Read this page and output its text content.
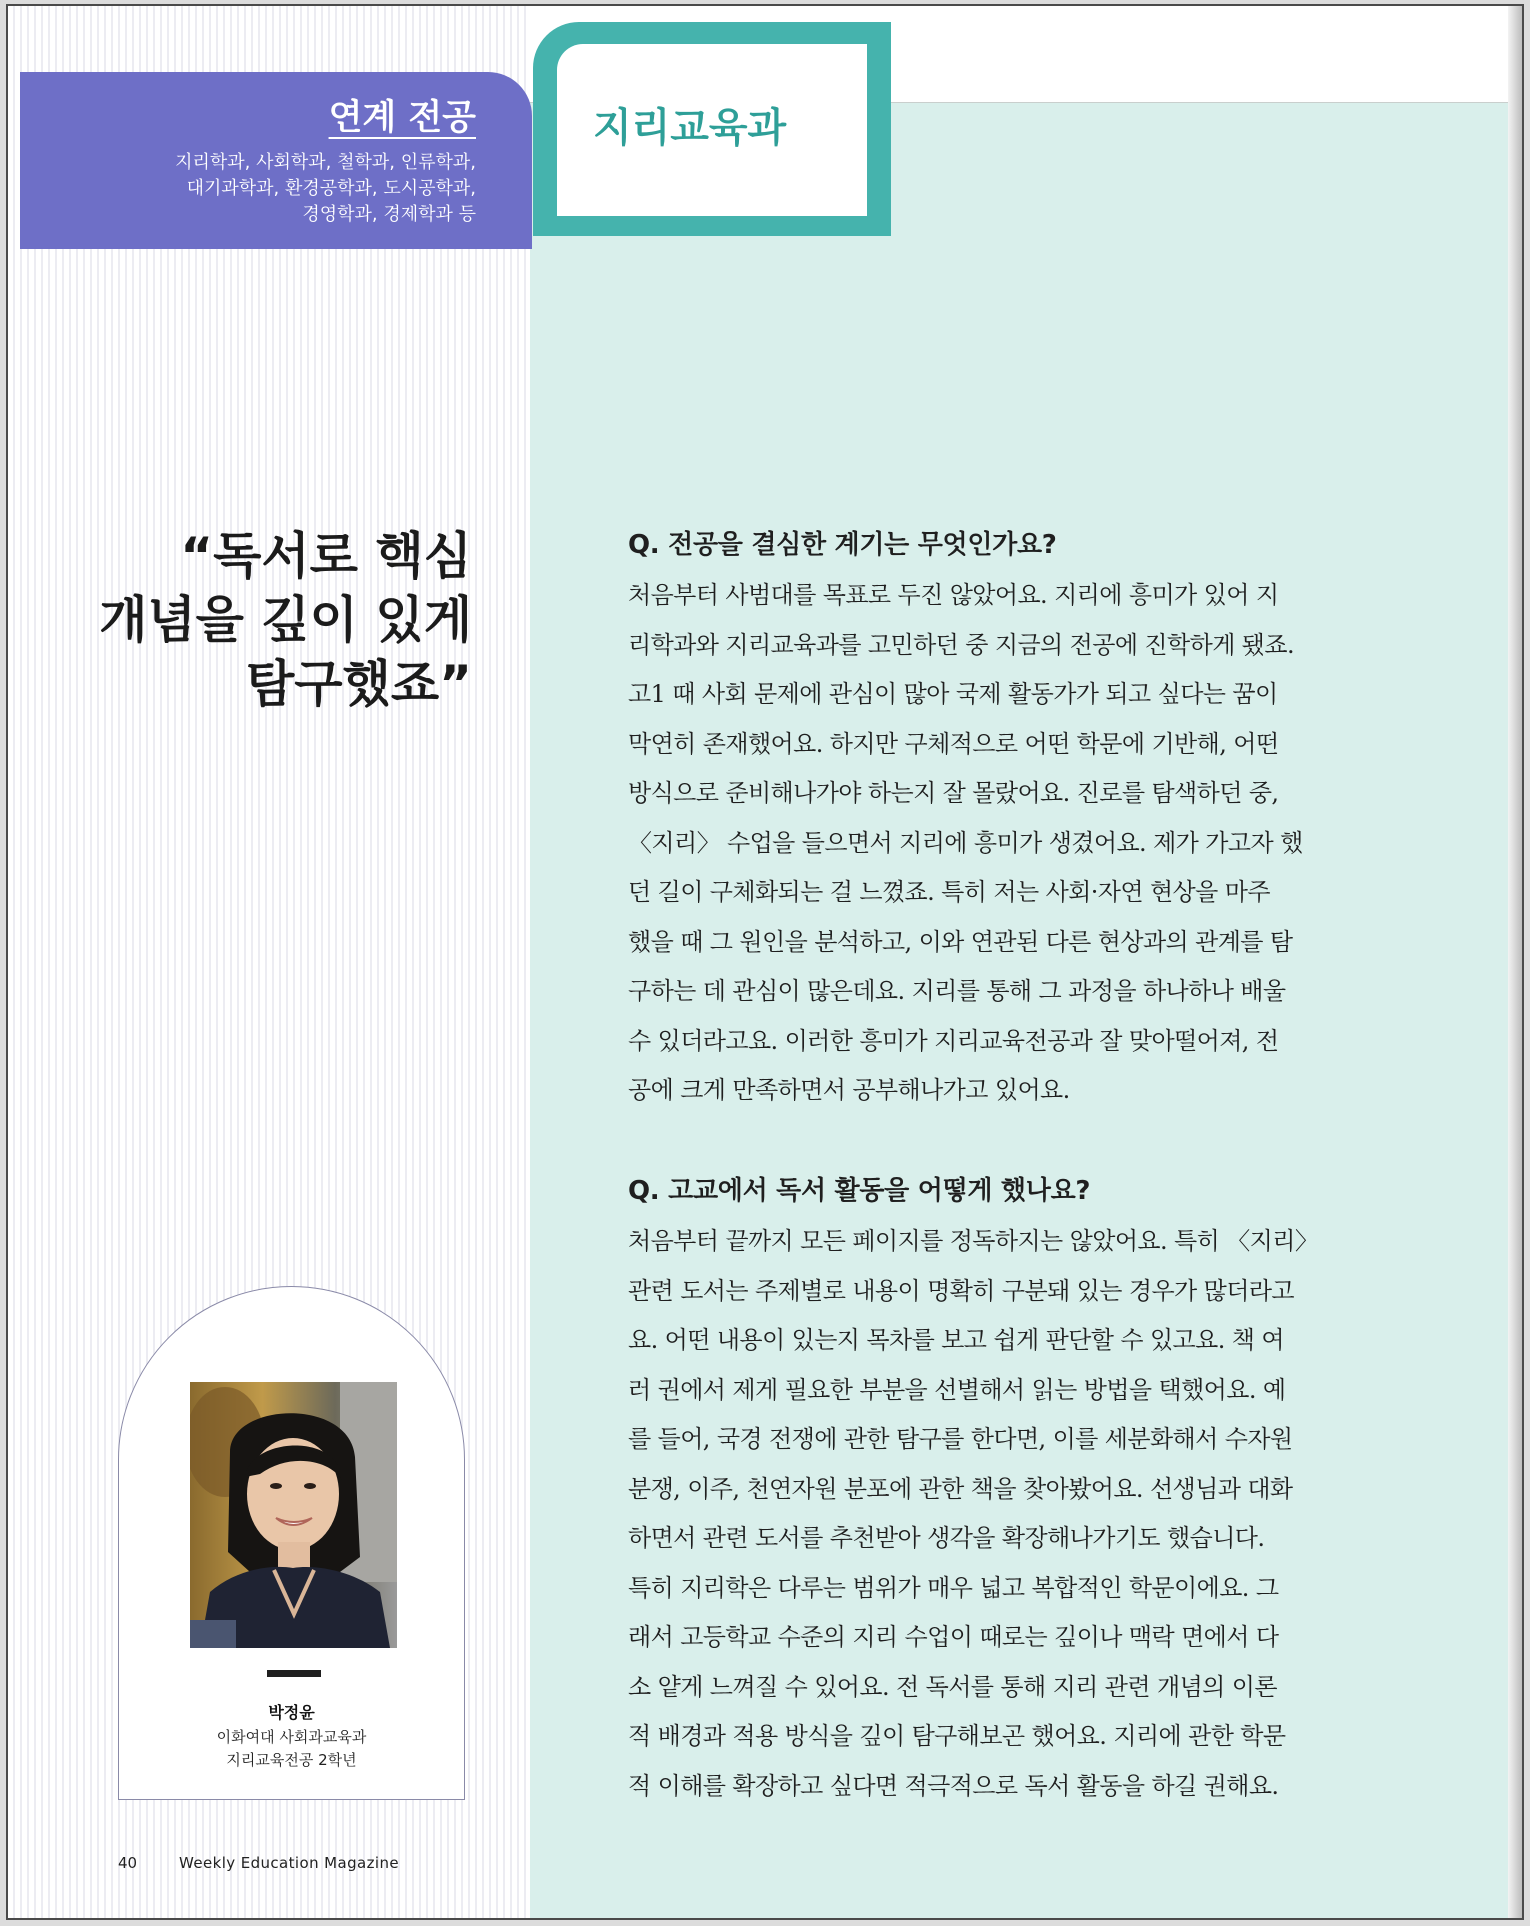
연계 전공
지리학과, 사회학과, 철학과, 인류학과,
대기과학과, 환경공학과, 도시공학과,
경영학과, 경제학과 등
지리교육과
“독서로 핵심
개념을 깊이 있게
탐구했죠”
박정윤
이화여대 사회과교육과
지리교육전공 2학년
40	Weekly Education Magazine
Q. 전공을 결심한 계기는 무엇인가요?
처음부터 사범대를 목표로 두진 않았어요. 지리에 흥미가 있어 지
리학과와 지리교육과를 고민하던 중 지금의 전공에 진학하게 됐죠.
고1 때 사회 문제에 관심이 많아 국제 활동가가 되고 싶다는 꿈이
막연히 존재했어요. 하지만 구체적으로 어떤 학문에 기반해, 어떤
방식으로 준비해나가야 하는지 잘 몰랐어요. 진로를 탐색하던 중,
〈지리〉 수업을 들으면서 지리에 흥미가 생겼어요. 제가 가고자 했
던 길이 구체화되는 걸 느꼈죠. 특히 저는 사회·자연 현상을 마주
했을 때 그 원인을 분석하고, 이와 연관된 다른 현상과의 관계를 탐
구하는 데 관심이 많은데요. 지리를 통해 그 과정을 하나하나 배울
수 있더라고요. 이러한 흥미가 지리교육전공과 잘 맞아떨어져, 전
공에 크게 만족하면서 공부해나가고 있어요.
Q. 고교에서 독서 활동을 어떻게 했나요?
처음부터 끝까지 모든 페이지를 정독하지는 않았어요. 특히 〈지리〉
관련 도서는 주제별로 내용이 명확히 구분돼 있는 경우가 많더라고
요. 어떤 내용이 있는지 목차를 보고 쉽게 판단할 수 있고요. 책 여
러 권에서 제게 필요한 부분을 선별해서 읽는 방법을 택했어요. 예
를 들어, 국경 전쟁에 관한 탐구를 한다면, 이를 세분화해서 수자원
분쟁, 이주, 천연자원 분포에 관한 책을 찾아봤어요. 선생님과 대화
하면서 관련 도서를 추천받아 생각을 확장해나가기도 했습니다.
특히 지리학은 다루는 범위가 매우 넓고 복합적인 학문이에요. 그
래서 고등학교 수준의 지리 수업이 때로는 깊이나 맥락 면에서 다
소 얕게 느껴질 수 있어요. 전 독서를 통해 지리 관련 개념의 이론
적 배경과 적용 방식을 깊이 탐구해보곤 했어요. 지리에 관한 학문
적 이해를 확장하고 싶다면 적극적으로 독서 활동을 하길 권해요.
